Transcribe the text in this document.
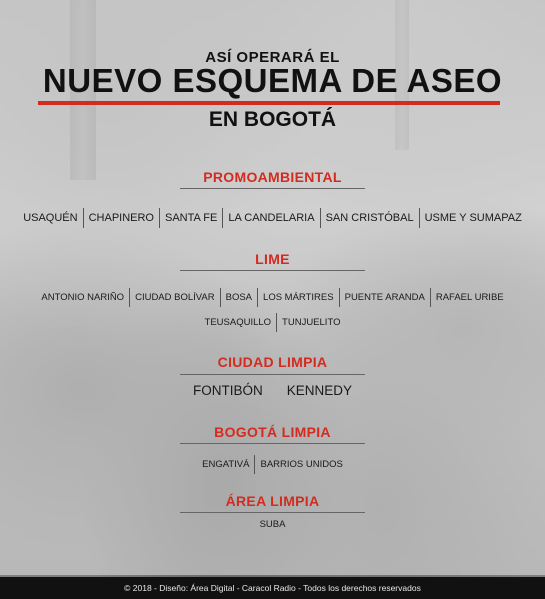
ASÍ OPERARÁ EL
NUEVO ESQUEMA DE ASEO
EN BOGOTÁ
PROMOAMBIENTAL
USAQUÉN	CHAPINERO	SANTA FE	LA CANDELARIA	SAN CRISTÓBAL	USME Y SUMAPAZ
LIME
ANTONIO NARIÑO	CIUDAD BOLÍVAR	BOSA	LOS MÁRTIRES	PUENTE ARANDA	RAFAEL URIBE
TEUSAQUILLO	TUNJUELITO
CIUDAD LIMPIA
FONTIBÓN	KENNEDY
BOGOTÁ LIMPIA
ENGATIVÁ	BARRIOS UNIDOS
ÁREA LIMPIA
SUBA
© 2018 - Diseño: Área Digital - Caracol Radio - Todos los derechos reservados
